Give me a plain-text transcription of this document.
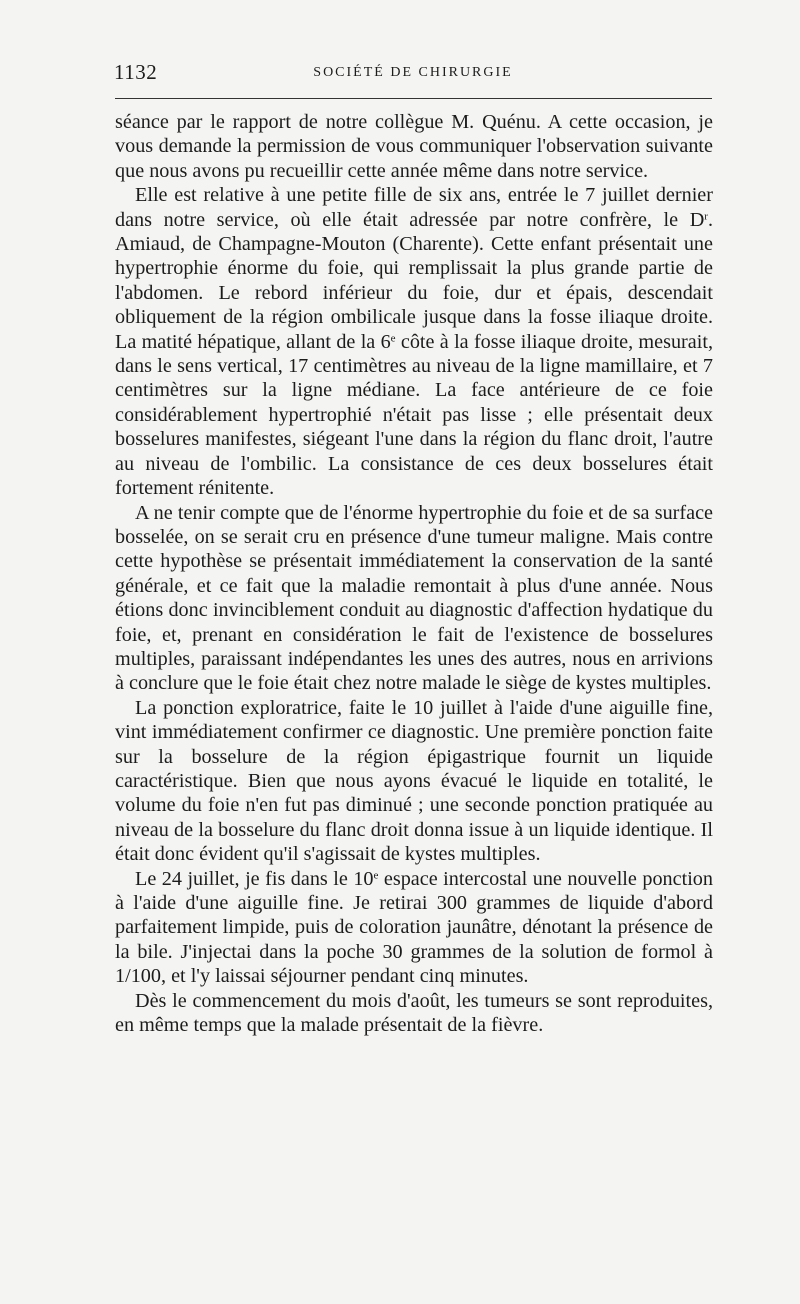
1132	SOCIÉTÉ DE CHIRURGIE

séance par le rapport de notre collègue M. Quénu. A cette occasion, je vous demande la permission de vous communiquer l'observation suivante que nous avons pu recueillir cette année même dans notre service.

Elle est relative à une petite fille de six ans, entrée le 7 juillet dernier dans notre service, où elle était adressée par notre confrère, le $D^r$. Amiaud, de Champagne-Mouton (Charente). Cette enfant présentait une hypertrophie énorme du foie, qui remplissait la plus grande partie de l'abdomen. Le rebord inférieur du foie, dur et épais, descendait obliquement de la région ombilicale jusque dans la fosse iliaque droite. La matité hépatique, allant de la 6e côte à la fosse iliaque droite, mesurait, dans le sens vertical, 17 centimètres au niveau de la ligne mamillaire, et 7 centimètres sur la ligne médiane. La face antérieure de ce foie considérablement hypertrophié n'était pas lisse ; elle présentait deux bosselures manifestes, siégeant l'une dans la région du flanc droit, l'autre au niveau de l'ombilic. La consistance de ces deux bosselures était fortement rénitente.

A ne tenir compte que de l'énorme hypertrophie du foie et de sa surface bosselée, on se serait cru en présence d'une tumeur maligne. Mais contre cette hypothèse se présentait immédiatement la conservation de la santé générale, et ce fait que la maladie remontait à plus d'une année. Nous étions donc invinciblement conduit au diagnostic d'affection hydatique du foie, et, prenant en considération le fait de l'existence de bosselures multiples, paraissant indépendantes les unes des autres, nous en arrivions à conclure que le foie était chez notre malade le siège de kystes multiples.

La ponction exploratrice, faite le 10 juillet à l'aide d'une aiguille fine, vint immédiatement confirmer ce diagnostic. Une première ponction faite sur la bosselure de la région épigastrique fournit un liquide caractéristique. Bien que nous ayons évacué le liquide en totalité, le volume du foie n'en fut pas diminué ; une seconde ponction pratiquée au niveau de la bosselure du flanc droit donna issue à un liquide identique. Il était donc évident qu'il s'agissait de kystes multiples.

Le 24 juillet, je fis dans le 10e espace intercostal une nouvelle ponction à l'aide d'une aiguille fine. Je retirai 300 grammes de liquide d'abord parfaitement limpide, puis de coloration jaunâtre, dénotant la présence de la bile. J'injectai dans la poche 30 grammes de la solution de formol à 1/100, et l'y laissai séjourner pendant cinq minutes.

Dès le commencement du mois d'août, les tumeurs se sont reproduites, en même temps que la malade présentait de la fièvre.
